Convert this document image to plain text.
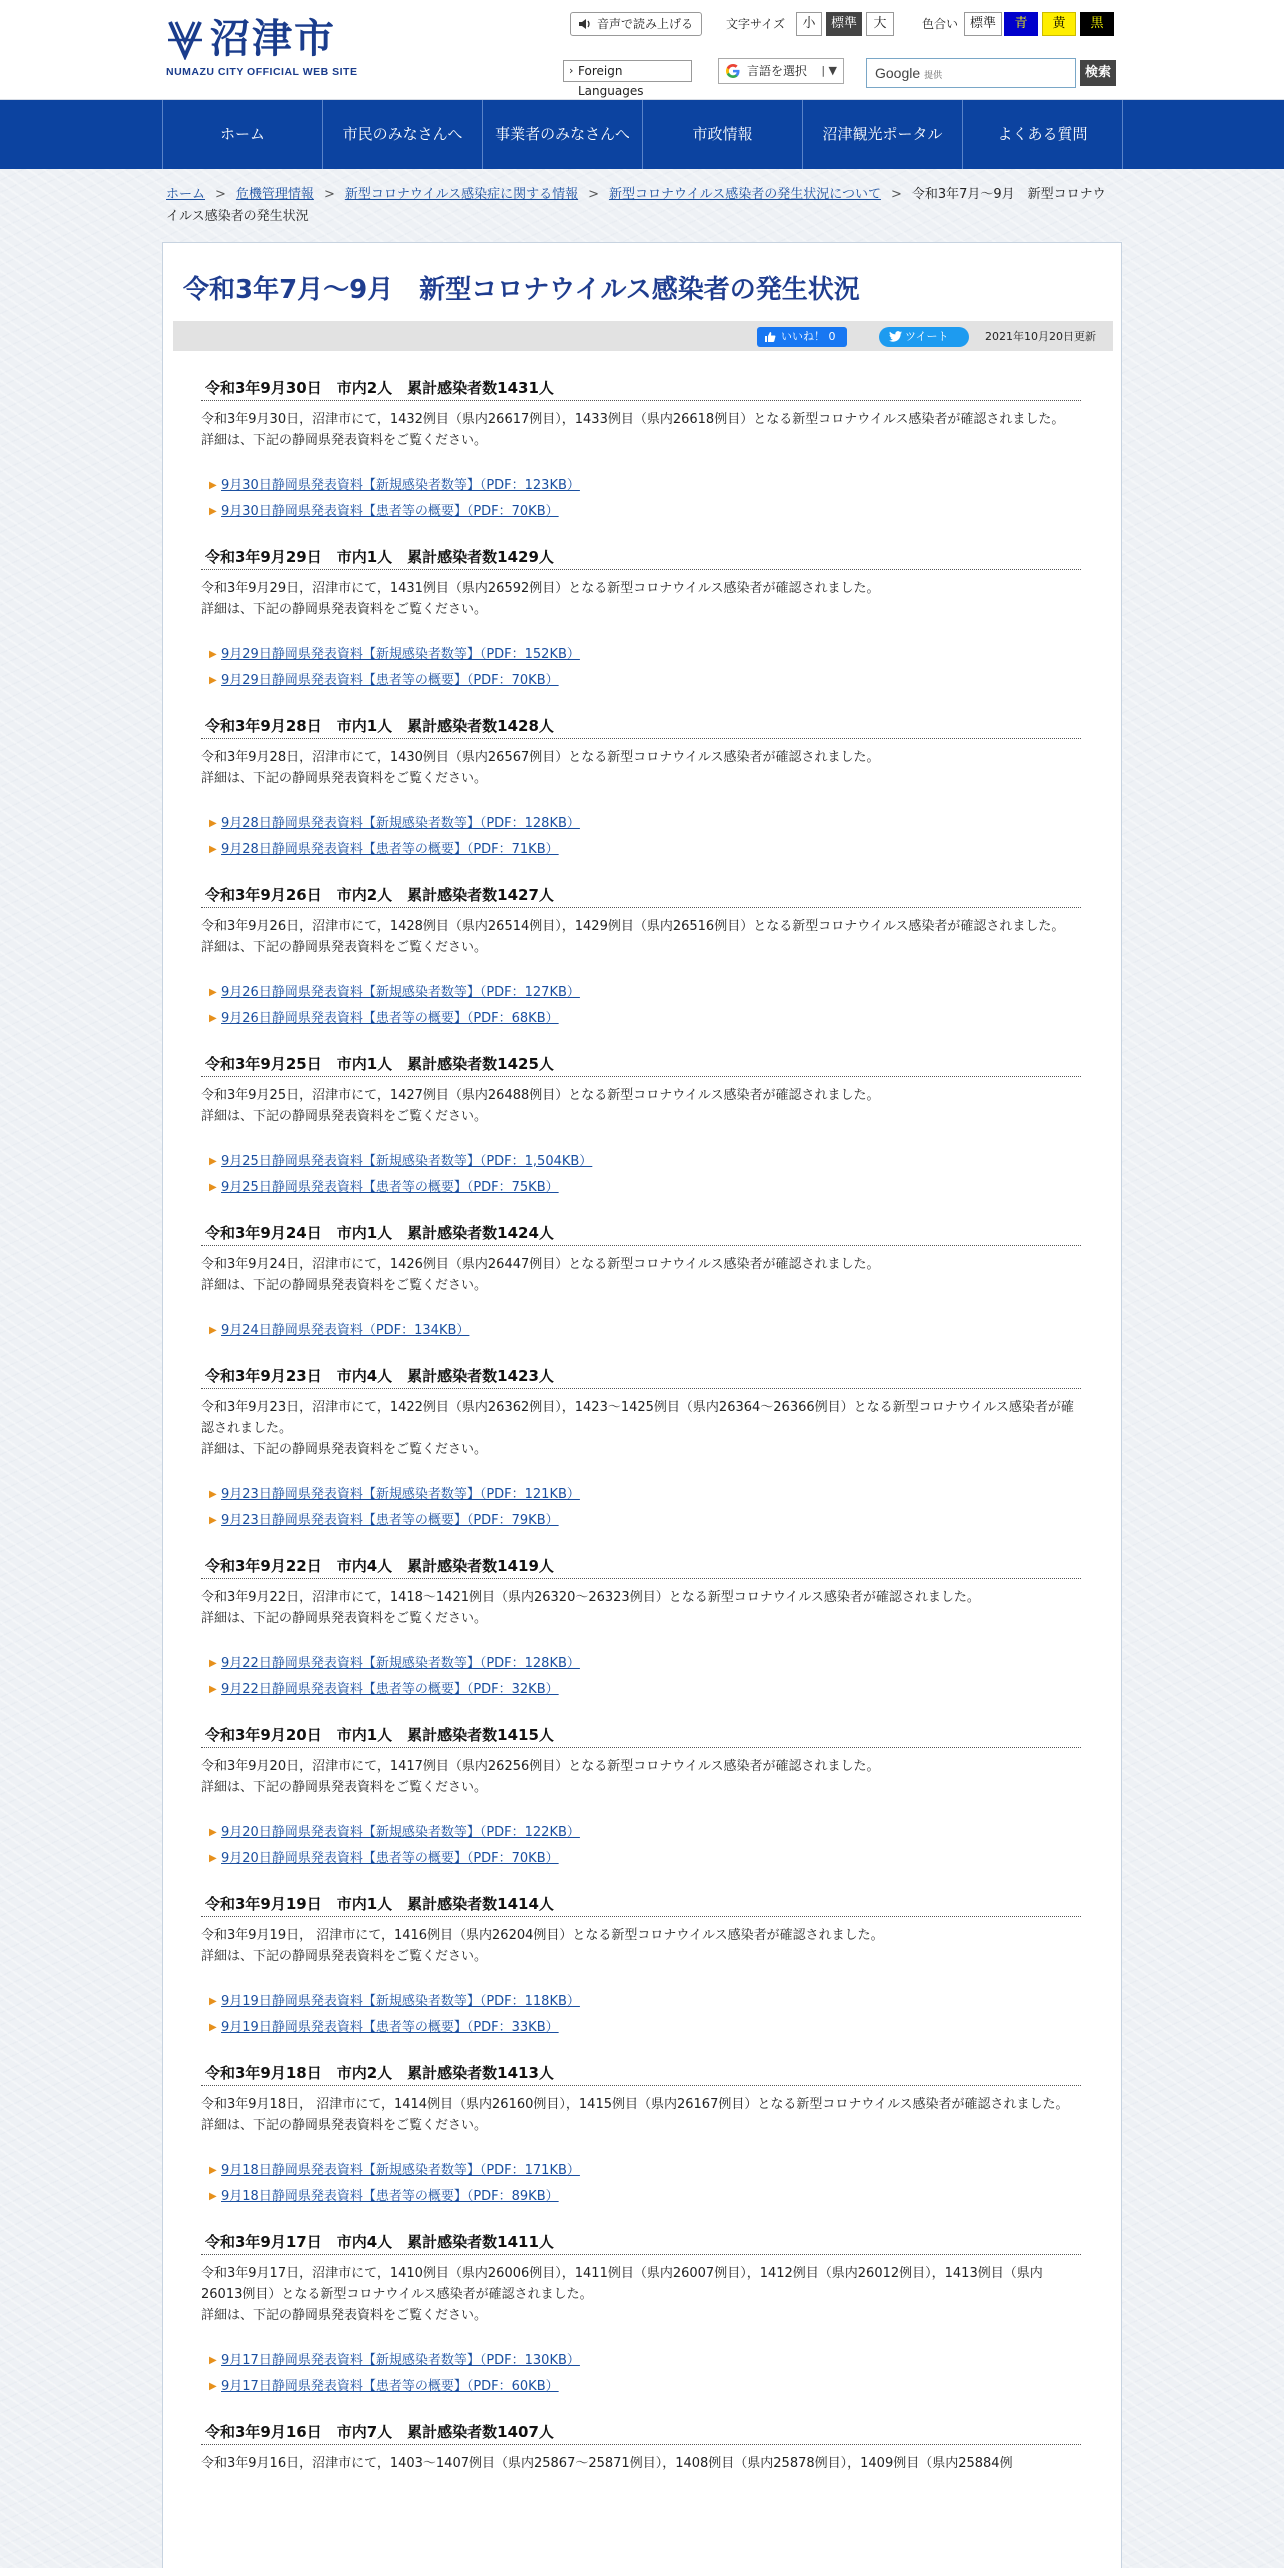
沼津市
NUMAZU CITY OFFICIAL WEB SITE
音声で読み上げる	文字サイズ	小	標準	大	色合い 標準	青	黄	黒
› Foreign Languages
言語を選択 | ▼	Google 提供	検索
ホーム	市民のみなさんへ	事業者のみなさんへ	市政情報	沼津観光ポータル	よくある質問
ホーム > 危機管理情報 > 新型コロナウイルス感染症に関する情報 > 新型コロナウイルス感染者の発生状況について > 令和3年7月～9月　新型コロナウイルス感染者の発生状況
令和3年7月～9月　新型コロナウイルス感染者の発生状況
いいね！ 0	ツイート	2021年10月20日更新
令和3年9月30日　市内2人　累計感染者数1431人

令和3年9月30日，沼津市にて，1432例目（県内26617例目），1433例目（県内26618例目）となる新型コロナウイルス感染者が確認されました。

詳細は、下記の静岡県発表資料をご覧ください。

▶ 9月30日静岡県発表資料【新規感染者数等】（PDF：123KB）
▶ 9月30日静岡県発表資料【患者等の概要】（PDF：70KB）
令和3年9月29日　市内1人　累計感染者数1429人

令和3年9月29日，沼津市にて，1431例目（県内26592例目）となる新型コロナウイルス感染者が確認されました。

詳細は、下記の静岡県発表資料をご覧ください。

▶ 9月29日静岡県発表資料【新規感染者数等】（PDF：152KB）
▶ 9月29日静岡県発表資料【患者等の概要】（PDF：70KB）
令和3年9月28日　市内1人　累計感染者数1428人

令和3年9月28日，沼津市にて，1430例目（県内26567例目）となる新型コロナウイルス感染者が確認されました。

詳細は、下記の静岡県発表資料をご覧ください。

▶ 9月28日静岡県発表資料【新規感染者数等】（PDF：128KB）
▶ 9月28日静岡県発表資料【患者等の概要】（PDF：71KB）
令和3年9月26日　市内2人　累計感染者数1427人

令和3年9月26日，沼津市にて，1428例目（県内26514例目），1429例目（県内26516例目）となる新型コロナウイルス感染者が確認されました。

詳細は、下記の静岡県発表資料をご覧ください。

▶ 9月26日静岡県発表資料【新規感染者数等】（PDF：127KB）
▶ 9月26日静岡県発表資料【患者等の概要】（PDF：68KB）
令和3年9月25日　市内1人　累計感染者数1425人

令和3年9月25日，沼津市にて，1427例目（県内26488例目）となる新型コロナウイルス感染者が確認されました。

詳細は、下記の静岡県発表資料をご覧ください。

▶ 9月25日静岡県発表資料【新規感染者数等】（PDF：1,504KB）
▶ 9月25日静岡県発表資料【患者等の概要】（PDF：75KB）
令和3年9月24日　市内1人　累計感染者数1424人

令和3年9月24日，沼津市にて，1426例目（県内26447例目）となる新型コロナウイルス感染者が確認されました。

詳細は、下記の静岡県発表資料をご覧ください。

▶ 9月24日静岡県発表資料（PDF：134KB）
令和3年9月23日　市内4人　累計感染者数1423人

令和3年9月23日，沼津市にて，1422例目（県内26362例目），1423～1425例目（県内26364～26366例目）となる新型コロナウイルス感染者が確認されました。

詳細は、下記の静岡県発表資料をご覧ください。

▶ 9月23日静岡県発表資料【新規感染者数等】（PDF：121KB）
▶ 9月23日静岡県発表資料【患者等の概要】（PDF：79KB）
令和3年9月22日　市内4人　累計感染者数1419人

令和3年9月22日，沼津市にて，1418～1421例目（県内26320～26323例目）となる新型コロナウイルス感染者が確認されました。

詳細は、下記の静岡県発表資料をご覧ください。

▶ 9月22日静岡県発表資料【新規感染者数等】（PDF：128KB）
▶ 9月22日静岡県発表資料【患者等の概要】（PDF：32KB）
令和3年9月20日　市内1人　累計感染者数1415人

令和3年9月20日，沼津市にて，1417例目（県内26256例目）となる新型コロナウイルス感染者が確認されました。

詳細は、下記の静岡県発表資料をご覧ください。

▶ 9月20日静岡県発表資料【新規感染者数等】（PDF：122KB）
▶ 9月20日静岡県発表資料【患者等の概要】（PDF：70KB）
令和3年9月19日　市内1人　累計感染者数1414人

令和3年9月19日， 沼津市にて，1416例目（県内26204例目）となる新型コロナウイルス感染者が確認されました。

詳細は、下記の静岡県発表資料をご覧ください。

▶ 9月19日静岡県発表資料【新規感染者数等】（PDF：118KB）
▶ 9月19日静岡県発表資料【患者等の概要】（PDF：33KB）
令和3年9月18日　市内2人　累計感染者数1413人

令和3年9月18日， 沼津市にて，1414例目（県内26160例目），1415例目（県内26167例目）となる新型コロナウイルス感染者が確認されました。

詳細は、下記の静岡県発表資料をご覧ください。

▶ 9月18日静岡県発表資料【新規感染者数等】（PDF：171KB）
▶ 9月18日静岡県発表資料【患者等の概要】（PDF：89KB）
令和3年9月17日　市内4人　累計感染者数1411人

令和3年9月17日，沼津市にて，1410例目（県内26006例目），1411例目（県内26007例目），1412例目（県内26012例目），1413例目（県内26013例目）となる新型コロナウイルス感染者が確認されました。

詳細は、下記の静岡県発表資料をご覧ください。

▶ 9月17日静岡県発表資料【新規感染者数等】（PDF：130KB）
▶ 9月17日静岡県発表資料【患者等の概要】（PDF：60KB）
令和3年9月16日　市内7人　累計感染者数1407人

令和3年9月16日，沼津市にて，1403～1407例目（県内25867～25871例目），1408例目（県内25878例目），1409例目（県内25884例
